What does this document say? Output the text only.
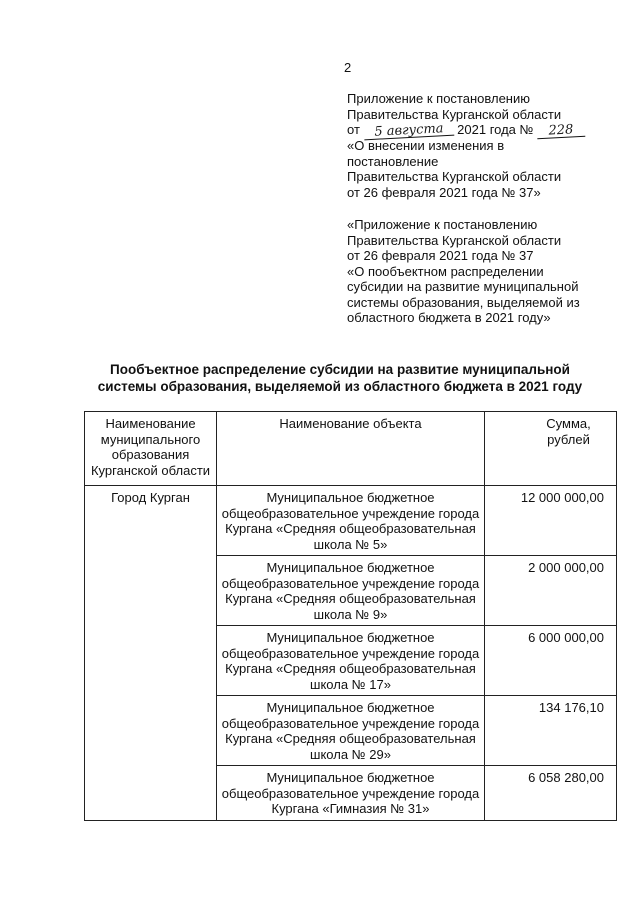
2
Приложение к постановлению
Правительства Курганской области
от 5 августа 2021 года № 228
«О внесении изменения в
постановление
Правительства Курганской области
от 26 февраля 2021 года № 37»
«Приложение к постановлению
Правительства Курганской области
от 26 февраля 2021 года № 37
«О пообъектном распределении
субсидии на развитие муниципальной
системы образования, выделяемой из
областного бюджета в 2021 году»
Пообъектное распределение субсидии на развитие муниципальной
системы образования, выделяемой из областного бюджета в 2021 году
Наименование муниципального образования Курганской области	Наименование объекта	Сумма, рублей
Город Курган	Муниципальное бюджетное общеобразовательное учреждение города Кургана «Средняя общеобразовательная школа № 5»	12 000 000,00
	Муниципальное бюджетное общеобразовательное учреждение города Кургана «Средняя общеобразовательная школа № 9»	2 000 000,00
	Муниципальное бюджетное общеобразовательное учреждение города Кургана «Средняя общеобразовательная школа № 17»	6 000 000,00
	Муниципальное бюджетное общеобразовательное учреждение города Кургана «Средняя общеобразовательная школа № 29»	134 176,10
	Муниципальное бюджетное общеобразовательное учреждение города Кургана «Гимназия № 31»	6 058 280,00
